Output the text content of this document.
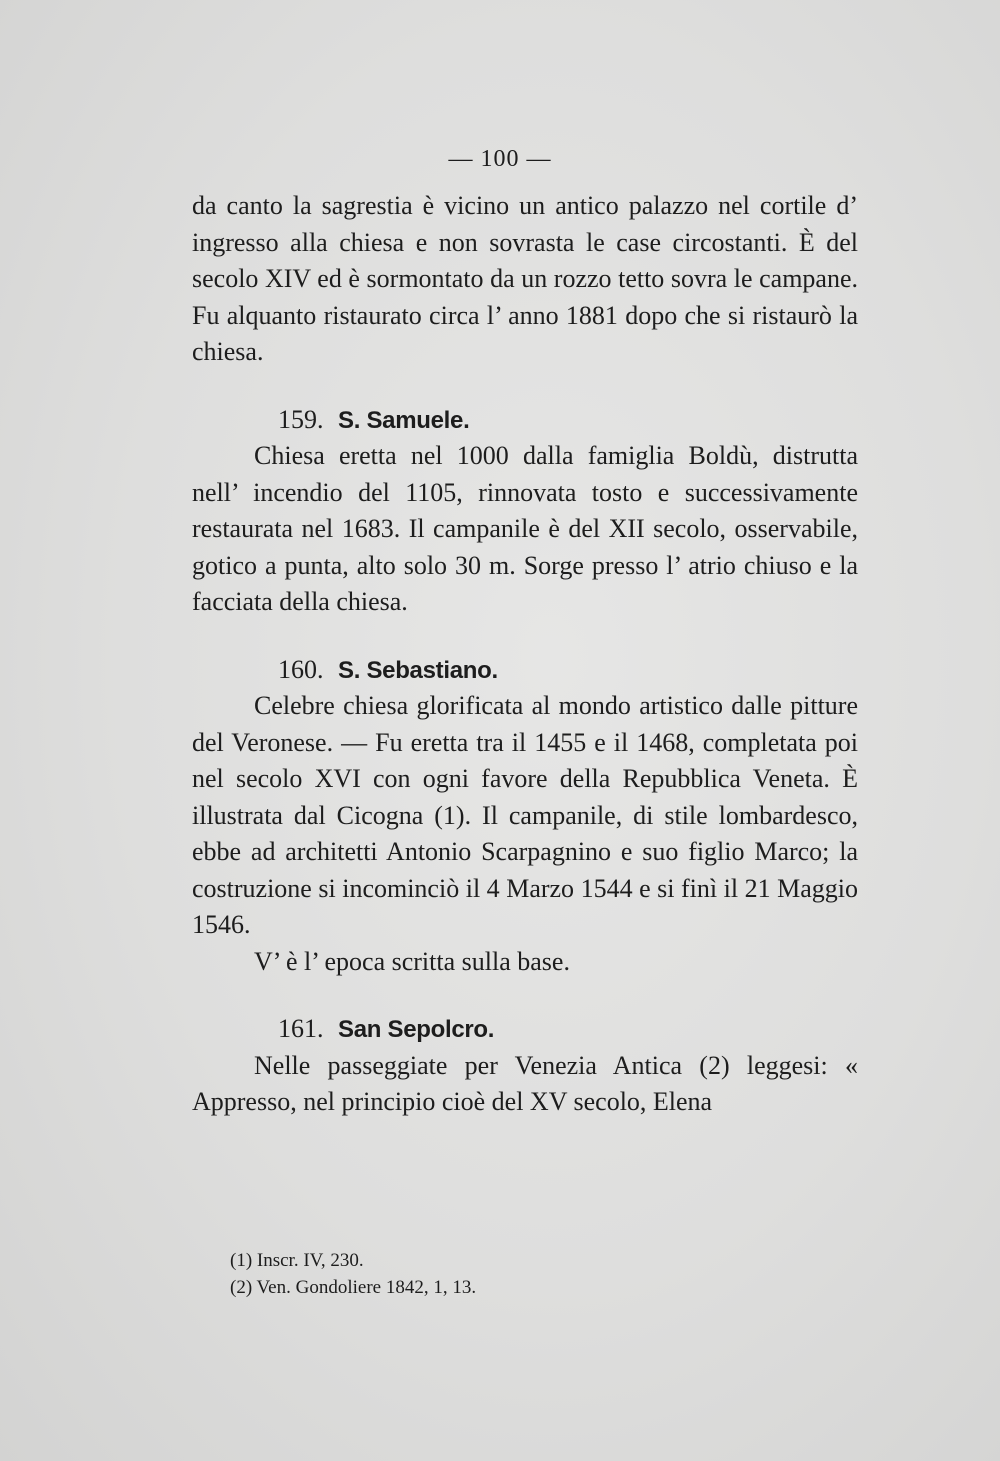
— 100 —

da canto la sagrestia è vicino un antico palazzo nel cortile d’ ingresso alla chiesa e non sovrasta le case circostanti. È del secolo XIV ed è sormontato da un rozzo tetto sovra le campane. Fu alquanto ristaurato circa l’ anno 1881 dopo che si ristaurò la chiesa.

159. S. Samuele.

Chiesa eretta nel 1000 dalla famiglia Boldù, distrutta nell’ incendio del 1105, rinnovata tosto e successivamente restaurata nel 1683. Il campanile è del XII secolo, osservabile, gotico a punta, alto solo 30 m. Sorge presso l’ atrio chiuso e la facciata della chiesa.

160. S. Sebastiano.

Celebre chiesa glorificata al mondo artistico dalle pitture del Veronese. — Fu eretta tra il 1455 e il 1468, completata poi nel secolo XVI con ogni favore della Repubblica Veneta. È illustrata dal Cicogna (1). Il campanile, di stile lombardesco, ebbe ad architetti Antonio Scarpagnino e suo figlio Marco; la costruzione si incominciò il 4 Marzo 1544 e si finì il 21 Maggio 1546.

V’ è l’ epoca scritta sulla base.

161. San Sepolcro.

Nelle passeggiate per Venezia Antica (2) leggesi: « Appresso, nel principio cioè del XV secolo, Elena

(1) Inscr. IV, 230.
(2) Ven. Gondoliere 1842, 1, 13.
